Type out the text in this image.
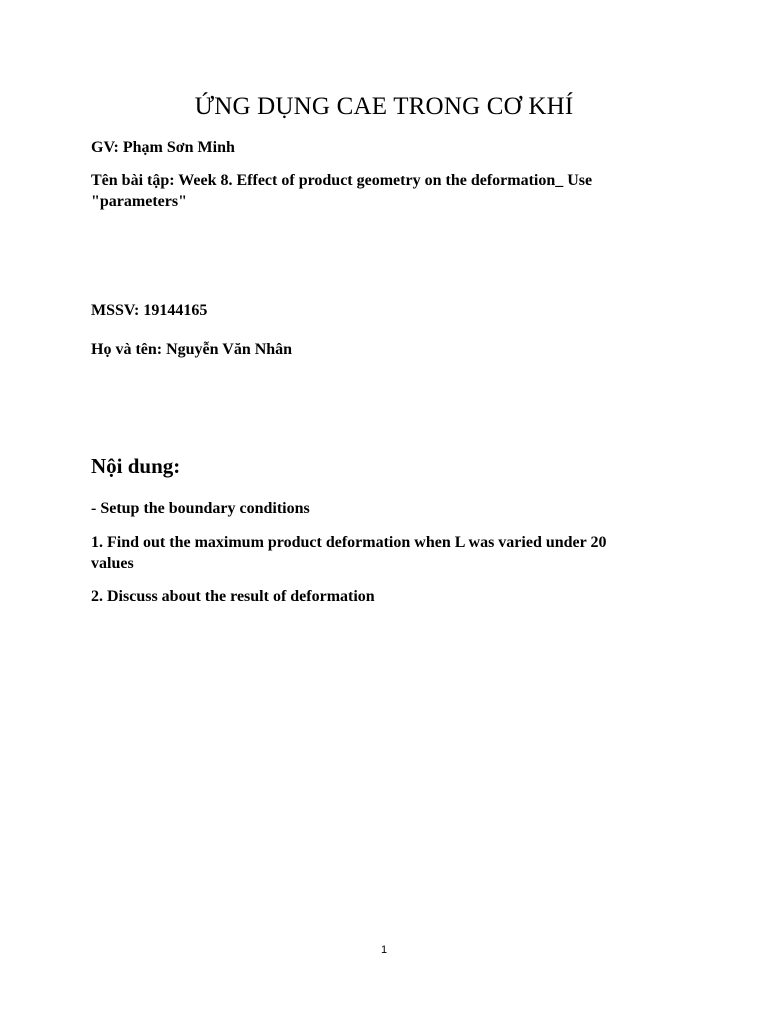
ỨNG DỤNG CAE TRONG CƠ KHÍ

GV: Phạm Sơn Minh

Tên bài tập: Week 8. Effect of product geometry on the deformation_ Use

"parameters"

MSSV: 19144165

Họ và tên: Nguyễn Văn Nhân

Nội dung:

- Setup the boundary conditions

1. Find out the maximum product deformation when L was varied under 20

values

2. Discuss about the result of deformation

1
